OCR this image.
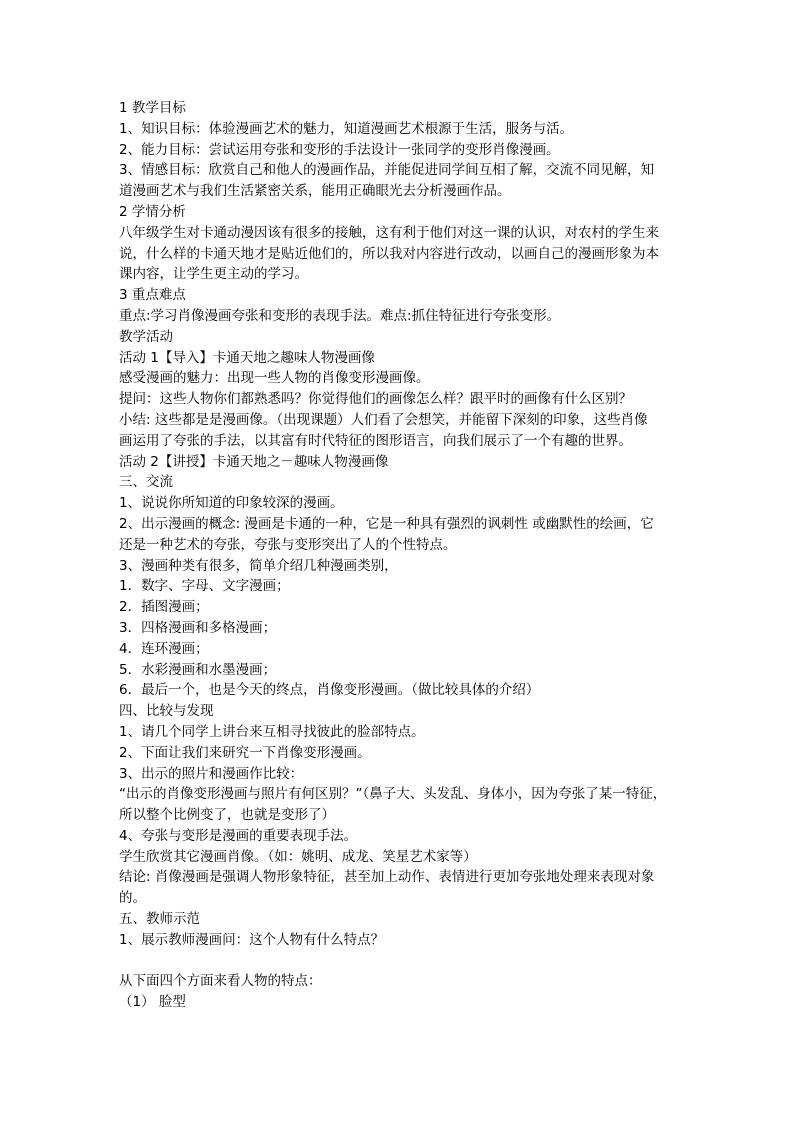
1 教学目标
1、知识目标：体验漫画艺术的魅力，知道漫画艺术根源于生活，服务与活。
2、能力目标：尝试运用夸张和变形的手法设计一张同学的变形肖像漫画。
3、情感目标：欣赏自己和他人的漫画作品，并能促进同学间互相了解，交流不同见解，知
道漫画艺术与我们生活紧密关系，能用正确眼光去分析漫画作品。
2 学情分析
八年级学生对卡通动漫因该有很多的接触，这有利于他们对这一课的认识，对农村的学生来
说，什么样的卡通天地才是贴近他们的，所以我对内容进行改动，以画自己的漫画形象为本
课内容，让学生更主动的学习。
3 重点难点
重点:学习肖像漫画夸张和变形的表现手法。难点:抓住特征进行夸张变形。
教学活动
活动 1【导入】卡通天地之趣味人物漫画像
感受漫画的魅力：出现一些人物的肖像变形漫画像。
提问：这些人物你们都熟悉吗？你觉得他们的画像怎么样？跟平时的画像有什么区别？
小结: 这些都是是漫画像。（出现课题）人们看了会想笑，并能留下深刻的印象，这些肖像
画运用了夸张的手法，以其富有时代特征的图形语言，向我们展示了一个有趣的世界。
活动 2【讲授】卡通天地之－趣味人物漫画像
三、交流
1、说说你所知道的印象较深的漫画。
2、出示漫画的概念: 漫画是卡通的一种，它是一种具有强烈的讽刺性 或幽默性的绘画，它
还是一种艺术的夸张，夸张与变形突出了人的个性特点。
3、漫画种类有很多，简单介绍几种漫画类别，
1．数字、字母、文字漫画；
2．插图漫画；
3．四格漫画和多格漫画；
4．连环漫画；
5．水彩漫画和水墨漫画；
6．最后一个，也是今天的终点，肖像变形漫画。（做比较具体的介绍）
四、比较与发现
1、请几个同学上讲台来互相寻找彼此的脸部特点。
2、下面让我们来研究一下肖像变形漫画。
3、出示的照片和漫画作比较：
“出示的肖像变形漫画与照片有何区别？”（鼻子大、头发乱、身体小，因为夸张了某一特征，
所以整个比例变了，也就是变形了）
4、夸张与变形是漫画的重要表现手法。
学生欣赏其它漫画肖像。（如：姚明、成龙、笑星艺术家等）
结论: 肖像漫画是强调人物形象特征，甚至加上动作、表情进行更加夸张地处理来表现对象
的。
五、教师示范
1、展示教师漫画问：这个人物有什么特点？
从下面四个方面来看人物的特点：
（1） 脸型
